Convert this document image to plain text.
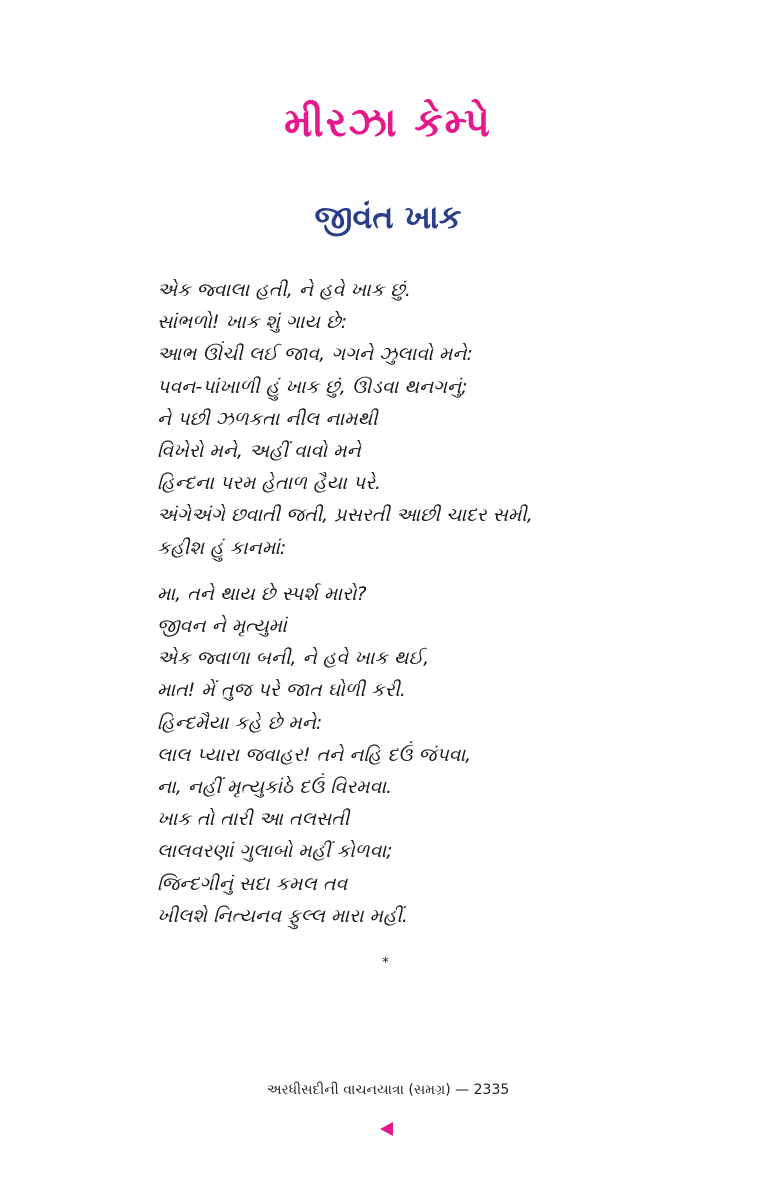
મીરઝા કેમ્પે
જીવંત ખાક
એક જ્વાલા હતી, ને હવે ખાક છું.
સાંભળો! ખાક શું ગાય છે:
આભ ઊંચી લઈ જાવ, ગગને ઝુલાવો મને:
પવન-પાંખાળી હું ખાક છું, ઊડવા થનગનું;
ને પછી ઝળકતા નીલ નામથી
વિખેરો મને, અહીં વાવો મને
હિન્દના પરમ હેતાળ હૈયા પરે.
અંગેઅંગે છવાતી જતી, પ્રસરતી આછી ચાદર સમી,
કહીશ હું કાનમાં:
મા, તને થાય છે સ્પર્શ મારો?
જીવન ને મૃત્યુમાં
એક જ્વાળા બની, ને હવે ખાક થઈ,
માત! મેં તુજ પરે જાત ઘોળી કરી.
હિન્દમૈયા કહે છે મને:
લાલ પ્યારા જવાહર! તને નહિ દઉં જંપવા,
ના, નહીં મૃત્યુકાંઠે દઉં વિરમવા.
ખાક તો તારી આ તલસતી
લાલવરણાં ગુલાબો મહીં કોળવા;
જિન્દગીનું સદા કમલ તવ
ખીલશે નિત્યનવ ફુલ્લ મારા મહીં.
*
અરધીસદીની વાચનયાત્રા (સમગ્ર) — 2335
